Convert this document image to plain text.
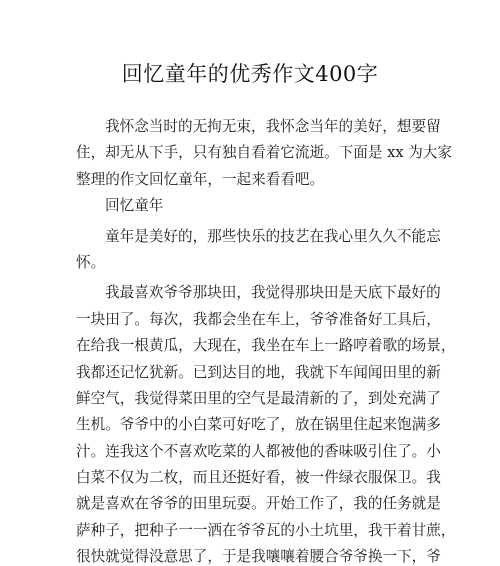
回忆童年的优秀作文400字
我怀念当时的无拘无束，我怀念当年的美好，想要留
住，却无从下手，只有独自看着它流逝。下面是 xx 为大家
整理的作文回忆童年，一起来看看吧。
回忆童年
童年是美好的，那些快乐的技艺在我心里久久不能忘
怀。
我最喜欢爷爷那块田，我觉得那块田是天底下最好的
一块田了。每次，我都会坐在车上，爷爷准备好工具后，
在给我一根黄瓜，大现在，我坐在车上一路哼着歌的场景，
我都还记忆犹新。已到达目的地，我就下车闻闻田里的新
鲜空气，我觉得菜田里的空气是最清新的了，到处充满了
生机。爷爷中的小白菜可好吃了，放在锅里住起来饱满多
汁。连我这个不喜欢吃菜的人都被他的香味吸引住了。小
白菜不仅为二枚，而且还挺好看，被一件绿衣服保卫。我
就是喜欢在爷爷的田里玩耍。开始工作了，我的任务就是
萨种子，把种子一一洒在爷爷瓦的小土坑里，我干着甘蔗，
很快就觉得没意思了，于是我嚷嚷着腰合爷爷换一下，爷
